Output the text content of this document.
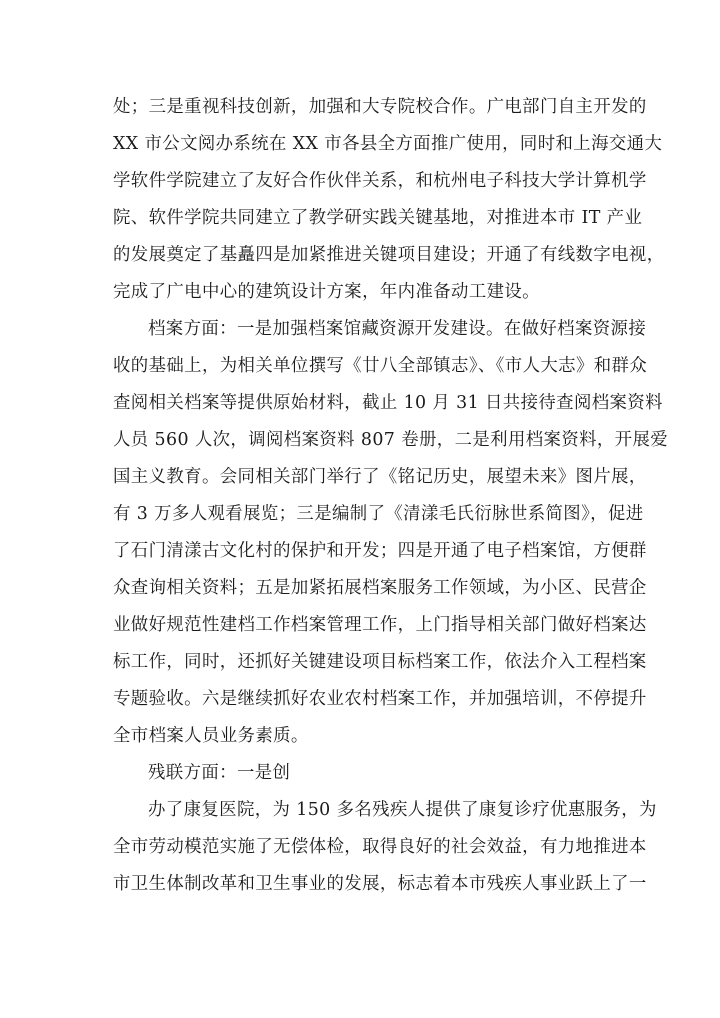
处；三是重视科技创新，加强和大专院校合作。广电部门自主开发的
XX 市公文阅办系统在 XX 市各县全方面推广使用，同时和上海交通大
学软件学院建立了友好合作伙伴关系，和杭州电子科技大学计算机学
院、软件学院共同建立了教学研实践关键基地，对推进本市 IT 产业
的发展奠定了基矗四是加紧推进关键项目建设；开通了有线数字电视，
完成了广电中心的建筑设计方案，年内准备动工建设。
档案方面：一是加强档案馆藏资源开发建设。在做好档案资源接
收的基础上，为相关单位撰写《廿八全部镇志》、《市人大志》和群众
查阅相关档案等提供原始材料，截止 10 月 31 日共接待查阅档案资料
人员 560 人次，调阅档案资料 807 卷册，二是利用档案资料，开展爱
国主义教育。会同相关部门举行了《铭记历史，展望未来》图片展，
有 3 万多人观看展览；三是编制了《清漾毛氏衍脉世系简图》，促进
了石门清漾古文化村的保护和开发；四是开通了电子档案馆，方便群
众查询相关资料；五是加紧拓展档案服务工作领域，为小区、民营企
业做好规范性建档工作档案管理工作，上门指导相关部门做好档案达
标工作，同时，还抓好关键建设项目标档案工作，依法介入工程档案
专题验收。六是继续抓好农业农村档案工作，并加强培训，不停提升
全市档案人员业务素质。
残联方面：一是创
办了康复医院，为 150 多名残疾人提供了康复诊疗优惠服务，为
全市劳动模范实施了无偿体检，取得良好的社会效益，有力地推进本
市卫生体制改革和卫生事业的发展，标志着本市残疾人事业跃上了一
